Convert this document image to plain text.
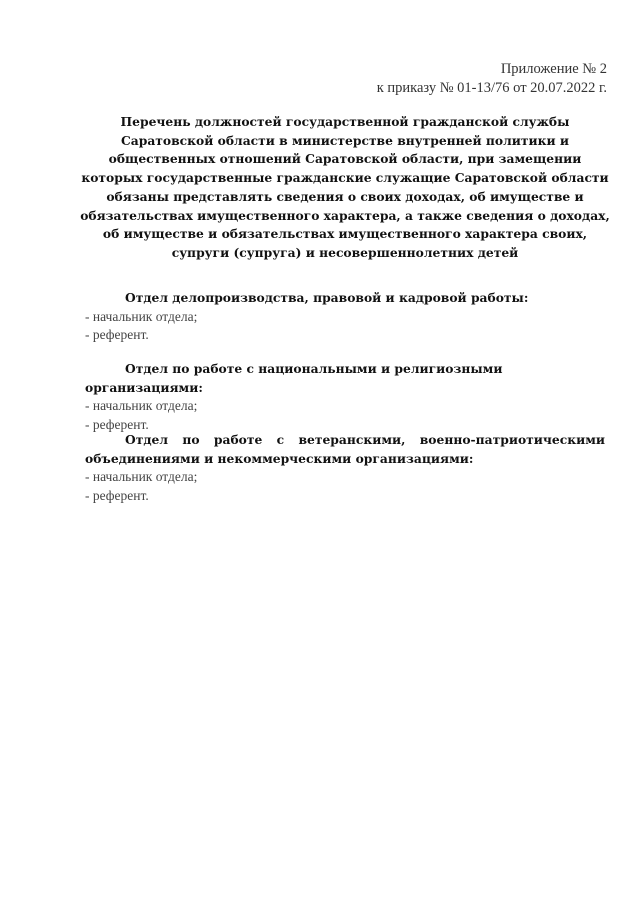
Приложение № 2
к приказу № 01-13/76 от 20.07.2022 г.
Перечень должностей государственной гражданской службы Саратовской области в министерстве внутренней политики и общественных отношений Саратовской области, при замещении которых государственные гражданские служащие Саратовской области обязаны представлять сведения о своих доходах, об имуществе и обязательствах имущественного характера, а также сведения о доходах, об имуществе и обязательствах имущественного характера своих, супруги (супруга) и несовершеннолетних детей
Отдел делопроизводства, правовой и кадровой работы:
- начальник отдела;
- референт.
Отдел по работе с национальными и религиозными организациями:
- начальник отдела;
- референт.
Отдел по работе с ветеранскими, военно-патриотическими объединениями и некоммерческими организациями:
- начальник отдела;
- референт.
